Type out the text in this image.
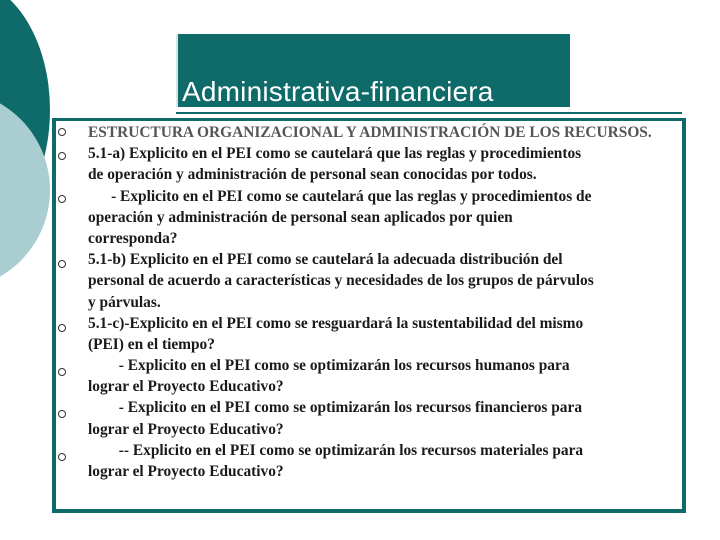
Administrativa-financiera
ESTRUCTURA ORGANIZACIONAL Y ADMINISTRACIÓN DE LOS RECURSOS.
5.1-a) Explicito en el PEI como se cautelará que las reglas y procedimientos
de operación y administración de personal sean conocidas por todos.
- Explicito en el PEI como se cautelará que las reglas y procedimientos de
operación y administración de personal sean aplicados por quien
corresponda?
5.1-b) Explicito en el PEI como se cautelará la adecuada distribución del
personal de acuerdo a características y necesidades de los grupos de párvulos
y párvulas.
5.1-c)-Explicito en el PEI como se resguardará la sustentabilidad del mismo
(PEI) en el tiempo?
- Explicito en el PEI como se optimizarán los recursos humanos para
lograr el Proyecto Educativo?
- Explicito en el PEI como se optimizarán los recursos financieros para
lograr el Proyecto Educativo?
-- Explicito en el PEI como se optimizarán los recursos materiales para
lograr el Proyecto Educativo?
